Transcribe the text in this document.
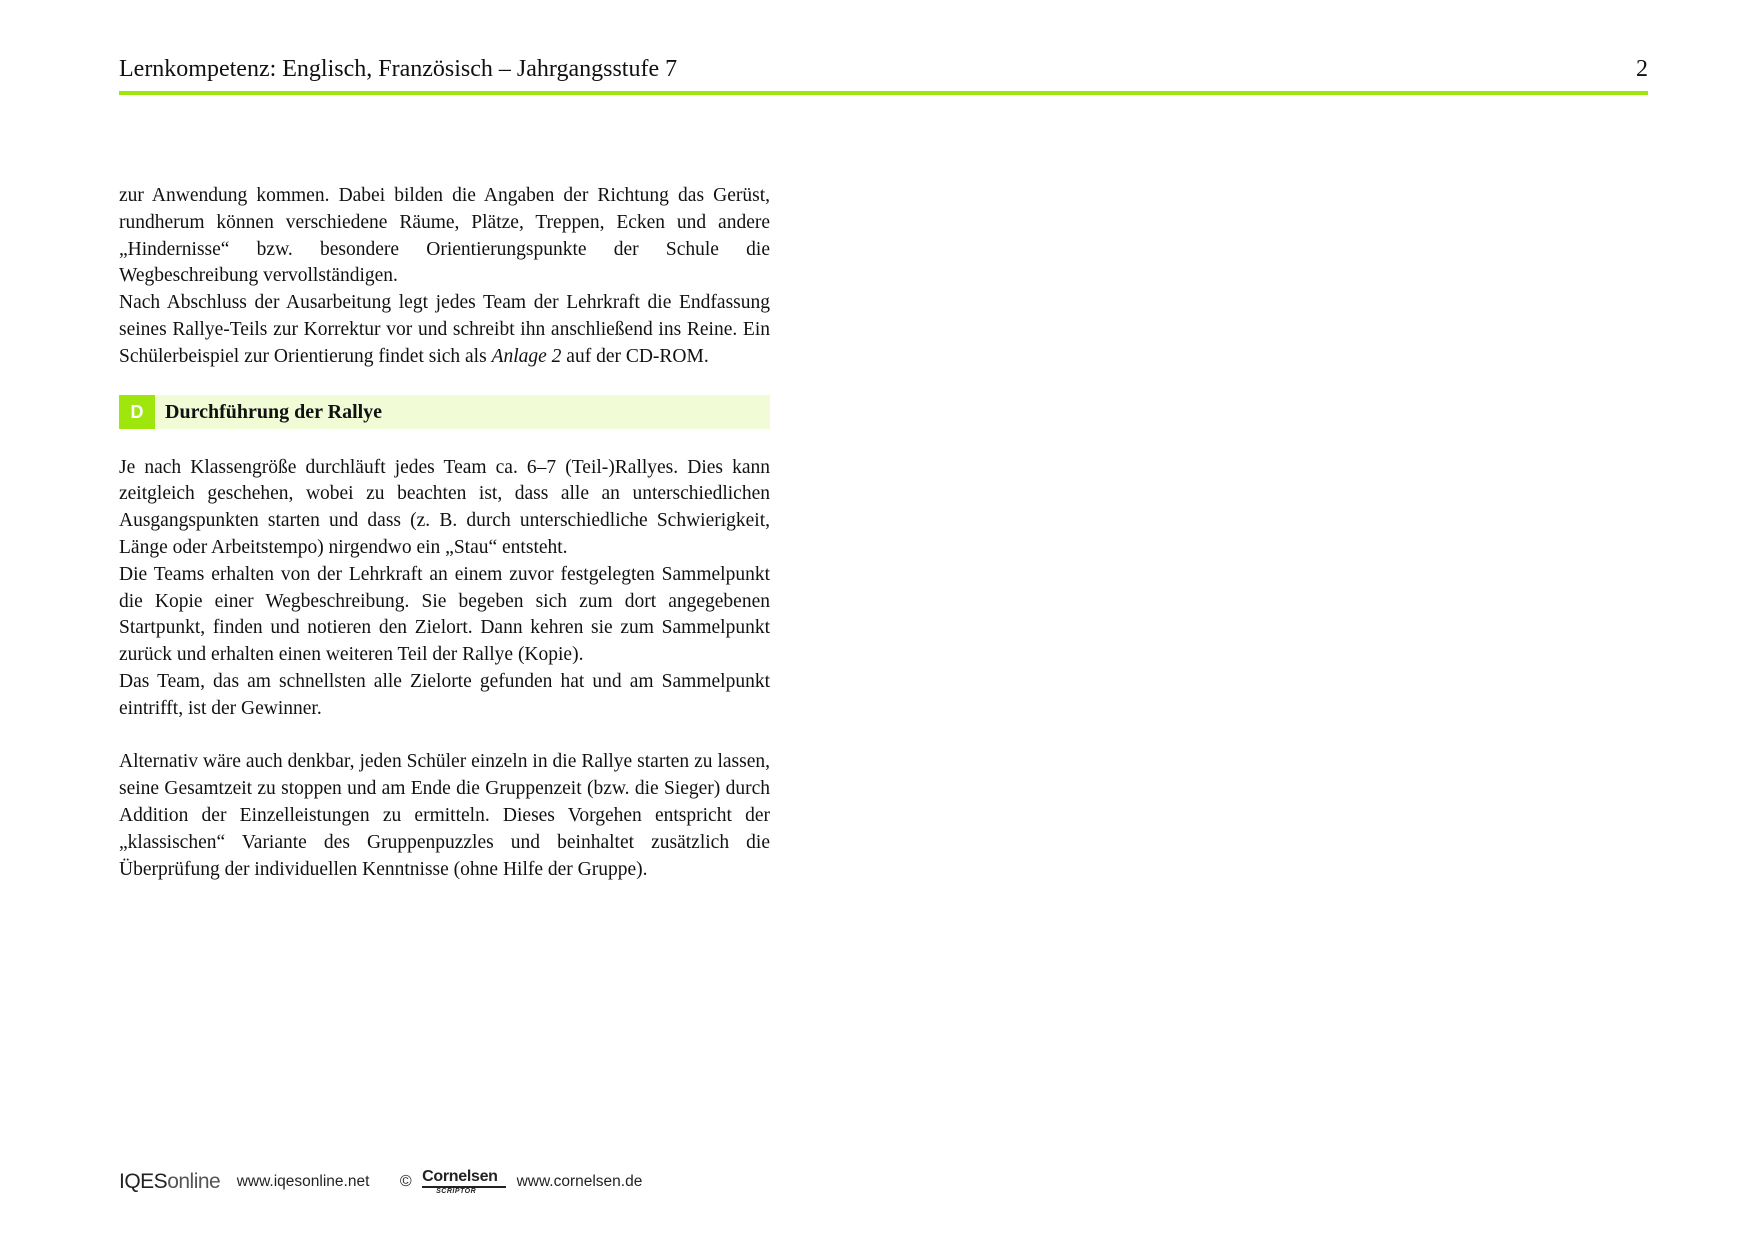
Lernkompetenz: Englisch, Französisch – Jahrgangsstufe 7	2

zur Anwendung kommen. Dabei bilden die Angaben der Richtung das Gerüst, rundherum können verschiedene Räume, Plätze, Treppen, Ecken und andere „Hindernisse“ bzw. besondere Orientierungspunkte der Schule die Wegbeschreibung vervollständigen.

Nach Abschluss der Ausarbeitung legt jedes Team der Lehrkraft die Endfassung seines Rallye-Teils zur Korrektur vor und schreibt ihn anschließend ins Reine. Ein Schülerbeispiel zur Orientierung findet sich als Anlage 2 auf der CD-ROM.

D	Durchführung der Rallye

Je nach Klassengröße durchläuft jedes Team ca. 6–7 (Teil-)Rallyes. Dies kann zeitgleich geschehen, wobei zu beachten ist, dass alle an unterschiedlichen Ausgangspunkten starten und dass (z. B. durch unterschiedliche Schwierigkeit, Länge oder Arbeitstempo) nirgendwo ein „Stau“ entsteht.

Die Teams erhalten von der Lehrkraft an einem zuvor festgelegten Sammelpunkt die Kopie einer Wegbeschreibung. Sie begeben sich zum dort angegebenen Startpunkt, finden und notieren den Zielort. Dann kehren sie zum Sammelpunkt zurück und erhalten einen weiteren Teil der Rallye (Kopie).

Das Team, das am schnellsten alle Zielorte gefunden hat und am Sammelpunkt eintrifft, ist der Gewinner.

Alternativ wäre auch denkbar, jeden Schüler einzeln in die Rallye starten zu lassen, seine Gesamtzeit zu stoppen und am Ende die Gruppenzeit (bzw. die Sieger) durch Addition der Einzelleistungen zu ermitteln. Dieses Vorgehen entspricht der „klassischen“ Variante des Gruppenpuzzles und beinhaltet zusätzlich die Überprüfung der individuellen Kenntnisse (ohne Hilfe der Gruppe).

IQESonline www.iqesonline.net © Cornelsen
SCRIPTOR
www.cornelsen.de
